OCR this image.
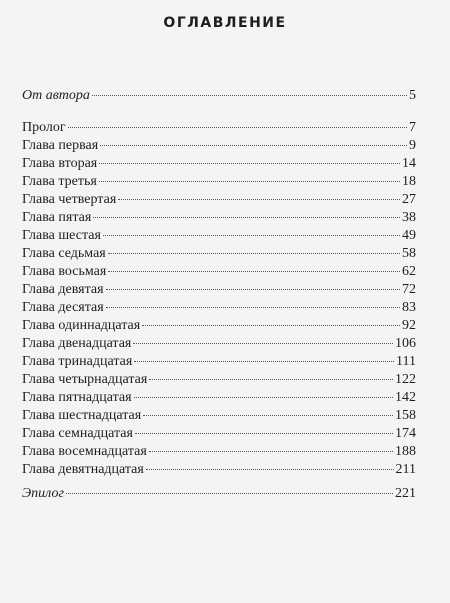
ОГЛАВЛЕНИЕ
От автора	5
Пролог	7
Глава первая	9
Глава вторая	14
Глава третья	18
Глава четвертая	27
Глава пятая	38
Глава шестая	49
Глава седьмая	58
Глава восьмая	62
Глава девятая	72
Глава десятая	83
Глава одиннадцатая	92
Глава двенадцатая	106
Глава тринадцатая	111
Глава четырнадцатая	122
Глава пятнадцатая	142
Глава шестнадцатая	158
Глава семнадцатая	174
Глава восемнадцатая	188
Глава девятнадцатая	211
Эпилог	221
